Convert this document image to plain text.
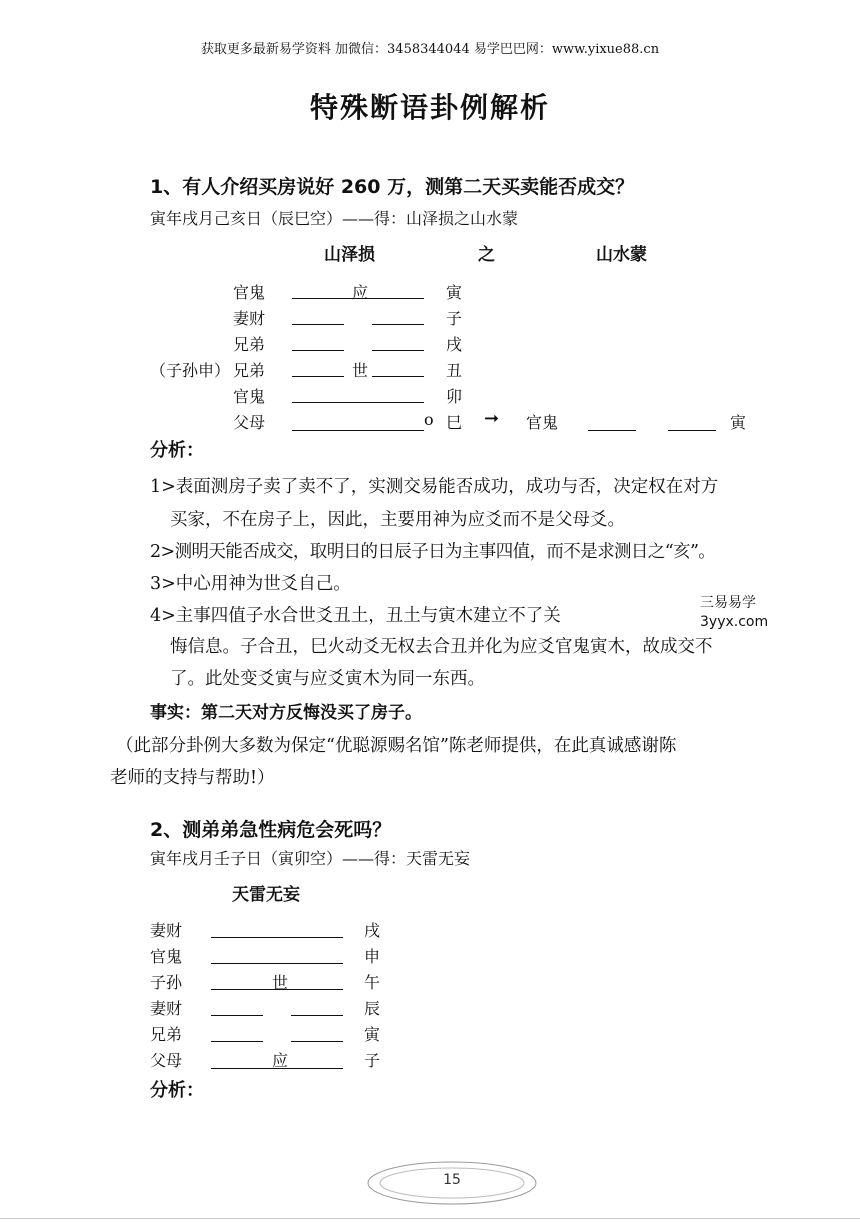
获取更多最新易学资料 加微信：3458344044 易学巴巴网：www.yixue88.cn
特殊断语卦例解析
1、有人介绍买房说好 260 万，测第二天买卖能否成交？
寅年戌月己亥日（辰巳空）——得：山泽损之山水蒙
山泽损	之	山水蒙
官鬼	应	寅
妻财	子
兄弟	戌
（子孙申） 兄弟	世	丑
官鬼	卯
父母	o 巳 ➞ 官鬼	寅
分析：
1>表面测房子卖了卖不了，实测交易能否成功，成功与否，决定权在对方
买家，不在房子上，因此，主要用神为应爻而不是父母爻。
2>测明天能否成交，取明日的日辰子日为主事四值，而不是求测日之“亥”。
3>中心用神为世爻自己。
4>主事四值子水合世爻丑土，丑土与寅木建立不了关
悔信息。子合丑，巳火动爻无权去合丑并化为应爻官鬼寅木，故成交不
了。此处变爻寅与应爻寅木为同一东西。
三易易学
3yyx.com
事实：第二天对方反悔没买了房子。
（此部分卦例大多数为保定“优聪源赐名馆”陈老师提供，在此真诚感谢陈
老师的支持与帮助!）
2、测弟弟急性病危会死吗？
寅年戌月壬子日（寅卯空）——得：天雷无妄
天雷无妄
妻财	戌
官鬼	申
子孙	世	午
妻财	辰
兄弟	寅
父母	应	子
分析：
15
